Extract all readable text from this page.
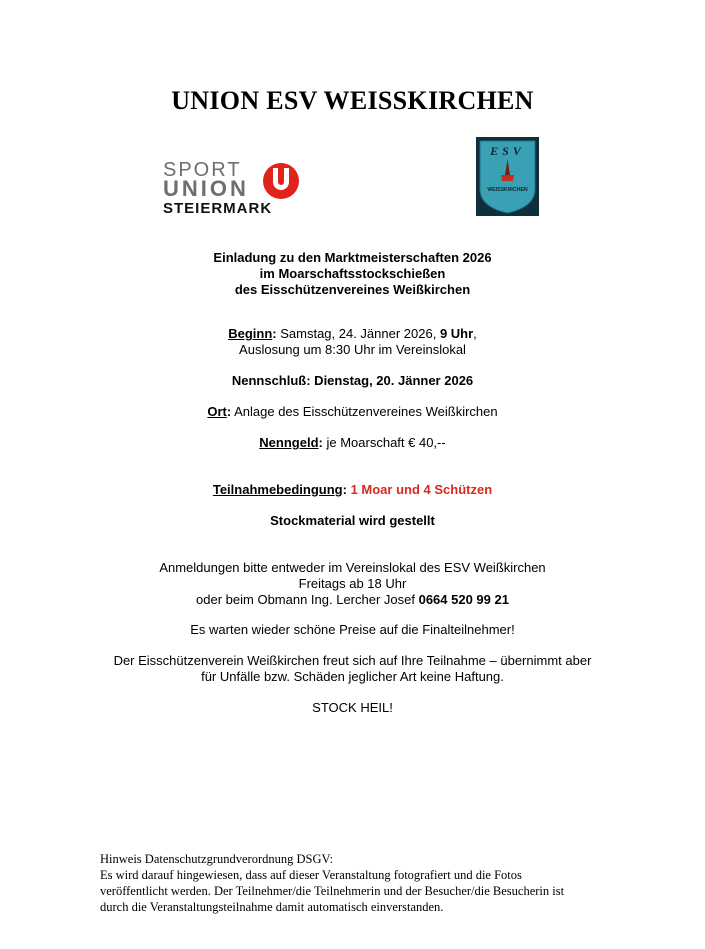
UNION ESV WEISSKIRCHEN
SPORT
UNION
STEIERMARK
ESV
WEISSKIRCHEN
Einladung zu den Marktmeisterschaften 2026
im Moarschaftsstockschießen
des Eisschützenvereines Weißkirchen
Beginn: Samstag, 24. Jänner 2026, 9 Uhr,
Auslosung um 8:30 Uhr im Vereinslokal
Nennschluß: Dienstag, 20. Jänner 2026
Ort: Anlage des Eisschützenvereines Weißkirchen
Nenngeld: je Moarschaft € 40,--
Teilnahmebedingung: 1 Moar und 4 Schützen
Stockmaterial wird gestellt
Anmeldungen bitte entweder im Vereinslokal des ESV Weißkirchen
Freitags ab 18 Uhr
oder beim Obmann Ing. Lercher Josef 0664 520 99 21
Es warten wieder schöne Preise auf die Finalteilnehmer!
Der Eisschützenverein Weißkirchen freut sich auf Ihre Teilnahme – übernimmt aber
für Unfälle bzw. Schäden jeglicher Art keine Haftung.
STOCK HEIL!
Hinweis Datenschutzgrundverordnung DSGV:
Es wird darauf hingewiesen, dass auf dieser Veranstaltung fotografiert und die Fotos
veröffentlicht werden. Der Teilnehmer/die Teilnehmerin und der Besucher/die Besucherin ist
durch die Veranstaltungsteilnahme damit automatisch einverstanden.
